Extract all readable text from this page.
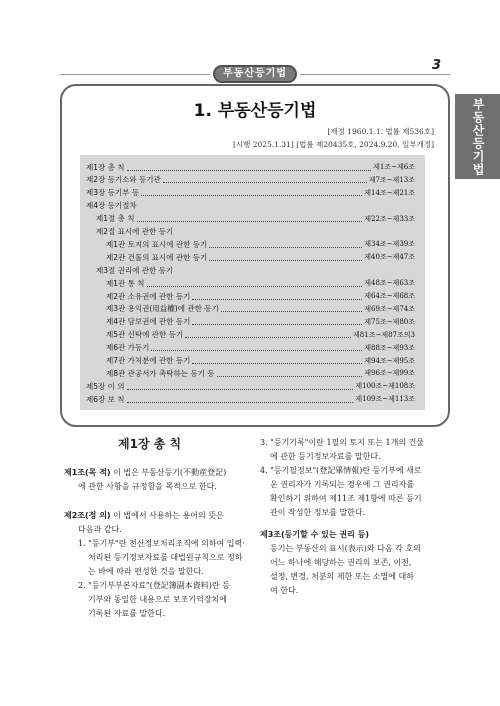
부동산등기법
3
부동산등기법
1. 부동산등기법
[제정 1960.1.1. 법률 제536호]
[시행 2025.1.31] [법률 제20435호, 2024.9.20, 일부개정]
제1장 총 칙	제1조~제6조
제2장 등기소와 등기관	제7조~제13조
제3장 등기부 등	제14조~제21조
제4장 등기절차
제1절 총 칙	제22조~제33조
제2절 표시에 관한 등기
제1관 토지의 표시에 관한 등기	제34조~제39조
제2관 건물의 표시에 관한 등기	제40조~제47조
제3절 권리에 관한 등기
제1관 통 칙	제48조~제63조
제2관 소유권에 관한 등기	제64조~제68조
제3관 용익권(用益權)에 관한 등기	제69조~제74조
제4관 담보권에 관한 등기	제75조~제80조
제5관 신탁에 관한 등기	제81조~제87조의3
제6관 가등기	제88조~제93조
제7관 가처분에 관한 등기	제94조~제95조
제8관 관공서가 촉탁하는 등기 등	제96조~제99조
제5장 이 의	제100조~제108조
제6장 보 칙	제109조~제113조
제1장 총 칙
제1조(목 적) 이 법은 부동산등기(不動産登記)
에 관한 사항을 규정함을 목적으로 한다.
제2조(정 의) 이 법에서 사용하는 용어의 뜻은
다음과 같다.
1. "등기부"란 전산정보처리조직에 의하여 입력·
처리된 등기정보자료를 대법원규칙으로 정하
는 바에 따라 편성한 것을 말한다.
2. "등기부부본자료"(登記簿副本資料)란 등
기부와 동일한 내용으로 보조기억장치에
기록된 자료를 말한다.
3. "등기기록"이란 1필의 토지 또는 1개의 건물
에 관한 등기정보자료를 말한다.
4. "등기필정보"(登記畢情報)란 등기부에 새로
운 권리자가 기록되는 경우에 그 권리자를
확인하기 위하여 제11조 제1항에 따른 등기
관이 작성한 정보를 말한다.
제3조(등기할 수 있는 권리 등)
등기는 부동산의 표시(表示)와 다음 각 호의
어느 하나에 해당하는 권리의 보존, 이전,
설정, 변경, 처분의 제한 또는 소멸에 대하
여 한다.
